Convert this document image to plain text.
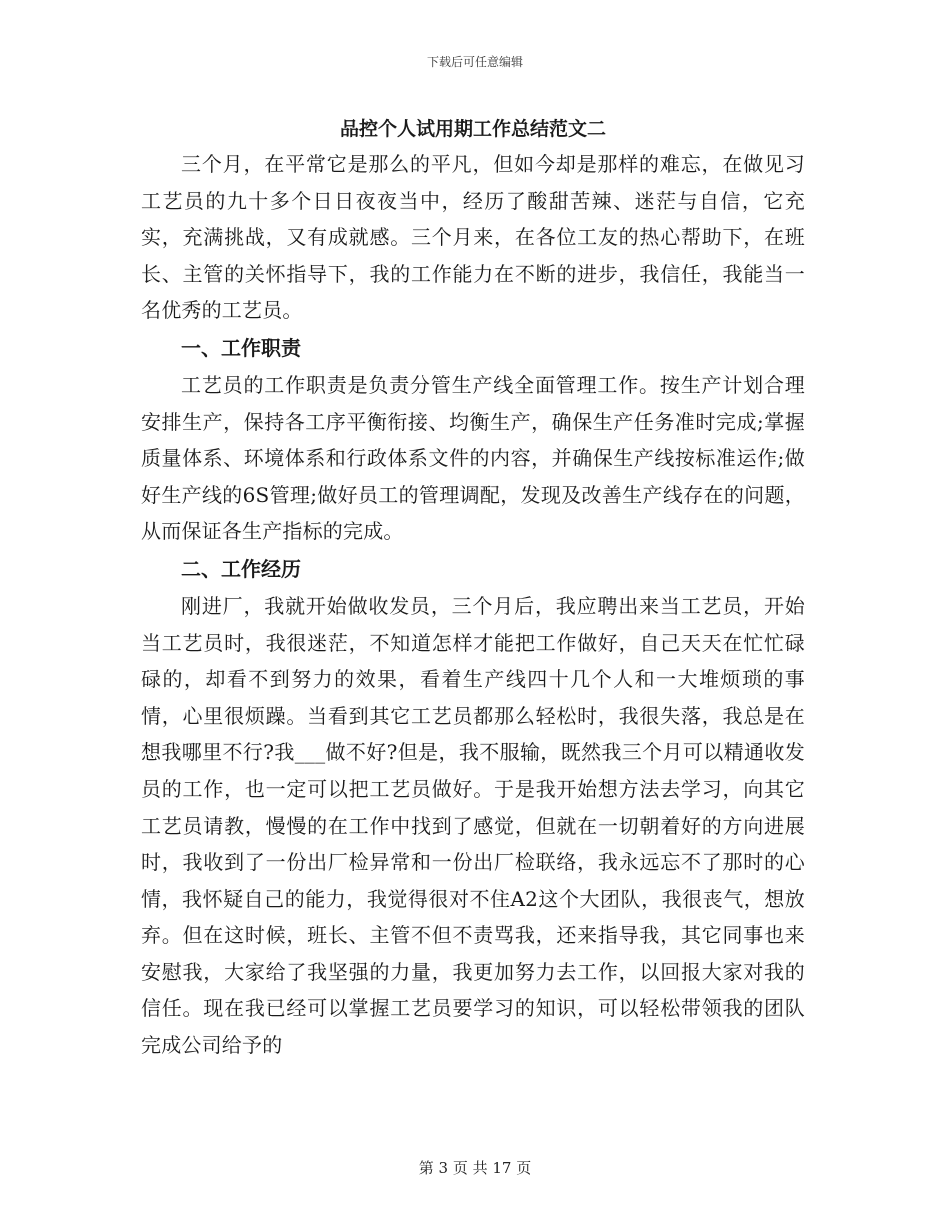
下载后可任意编辑
品控个人试用期工作总结范文二

三个月，在平常它是那么的平凡，但如今却是那样的难忘，在做见习工艺员的九十多个日日夜夜当中，经历了酸甜苦辣、迷茫与自信，它充实，充满挑战，又有成就感。三个月来，在各位工友的热心帮助下，在班长、主管的关怀指导下，我的工作能力在不断的进步，我信任，我能当一名优秀的工艺员。

一、工作职责

工艺员的工作职责是负责分管生产线全面管理工作。按生产计划合理安排生产，保持各工序平衡衔接、均衡生产，确保生产任务准时完成;掌握质量体系、环境体系和行政体系文件的内容，并确保生产线按标准运作;做好生产线的6S管理;做好员工的管理调配，发现及改善生产线存在的问题，从而保证各生产指标的完成。

二、工作经历

刚进厂，我就开始做收发员，三个月后，我应聘出来当工艺员，开始当工艺员时，我很迷茫，不知道怎样才能把工作做好，自己天天在忙忙碌碌的，却看不到努力的效果，看着生产线四十几个人和一大堆烦琐的事情，心里很烦躁。当看到其它工艺员都那么轻松时，我很失落，我总是在想我哪里不行?我___做不好?但是，我不服输，既然我三个月可以精通收发员的工作，也一定可以把工艺员做好。于是我开始想方法去学习，向其它工艺员请教，慢慢的在工作中找到了感觉，但就在一切朝着好的方向进展时，我收到了一份出厂检异常和一份出厂检联络，我永远忘不了那时的心情，我怀疑自己的能力，我觉得很对不住A2这个大团队，我很丧气，想放弃。但在这时候，班长、主管不但不责骂我，还来指导我，其它同事也来安慰我，大家给了我坚强的力量，我更加努力去工作，以回报大家对我的信任。现在我已经可以掌握工艺员要学习的知识，可以轻松带领我的团队完成公司给予的

第 3 页 共 17 页
